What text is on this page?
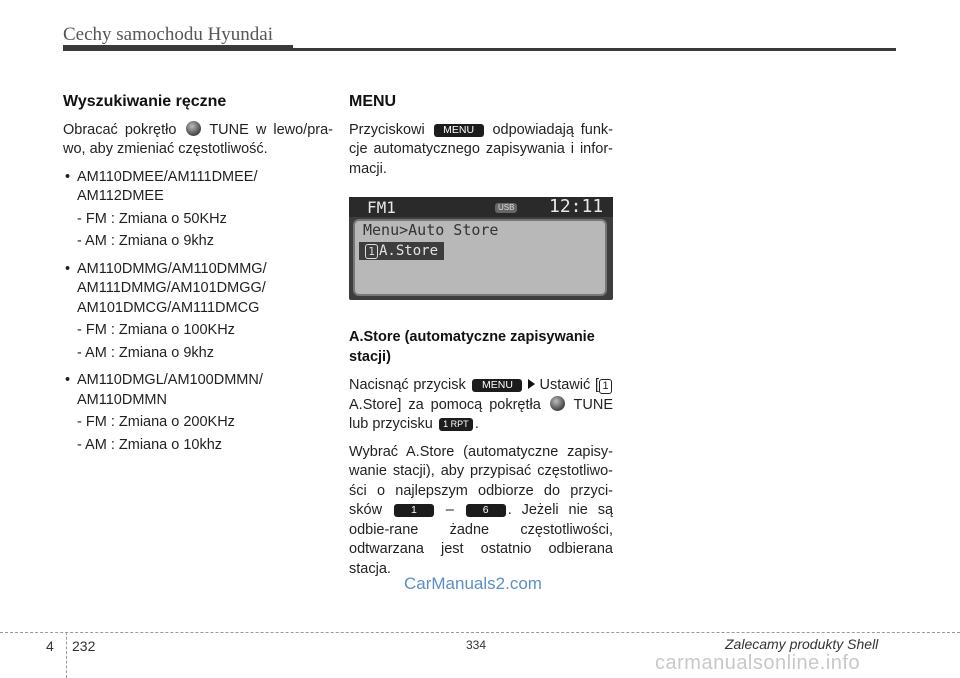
Cechy samochodu Hyundai
Wyszukiwanie ręczne

Obracać pokrętło TUNE w lewo/pra-wo, aby zmieniać częstotliwość.

• AM110DMEE/AM111DMEE/ AM112DMEE
- FM : Zmiana o 50KHz
- AM : Zmiana o 9khz
• AM110DMMG/AM110DMMG/ AM111DMMG/AM101DMGG/ AM101DMCG/AM111DMCG
- FM : Zmiana o 100KHz
- AM : Zmiana o 9khz
• AM110DMGL/AM100DMMN/ AM110DMMN
- FM : Zmiana o 200KHz
- AM : Zmiana o 10khz
MENU

Przyciskowi MENU odpowiadają funk-cje automatycznego zapisywania i infor-macji.

FM1	USB 12:11
Menu>Auto Store
1 A.Store
A.Store (automatyczne zapisywanie stacji)

Nacisnąć przycisk MENU Ustawić [ 1A.Store] za pomocą pokrętła TUNE lub przycisku 1 RPT .

Wybrać A.Store (automatyczne zapisy-wanie stacji), aby przypisać częstotliwo-ści o najlepszym odbiorze do przyci-sków	1 –	6 . Jeżeli nie są odbie-rane żadne częstotliwości, odtwarzana jest ostatnio odbierana stacja.

CarManuals2.com
4 232	334	Zalecamy produkty Shell
carmanualsonline.info
